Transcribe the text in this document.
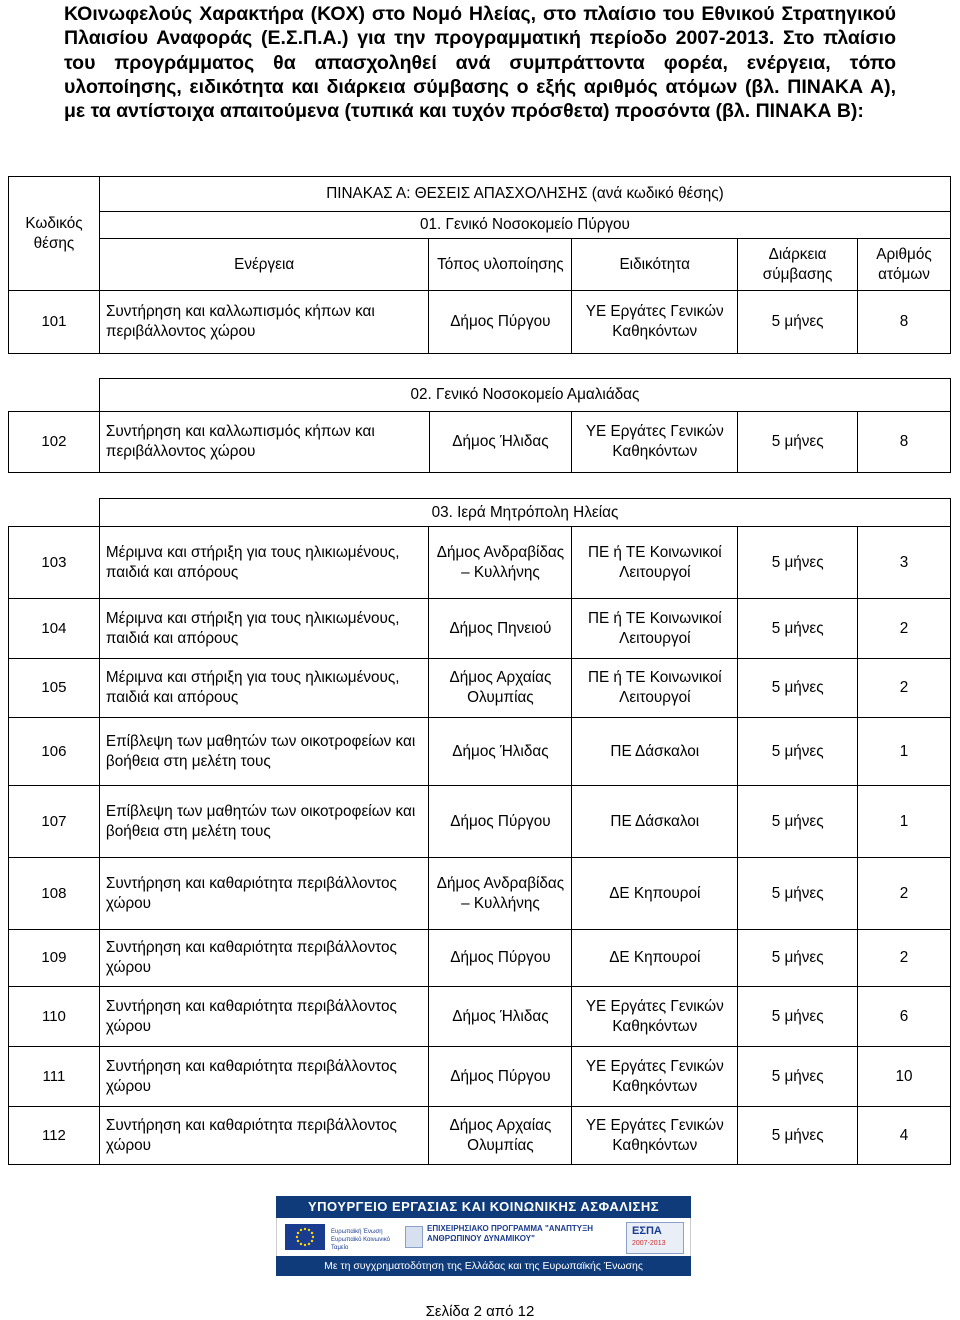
ΚΟινωφελούς Χαρακτήρα (ΚΟΧ) στο Νομό Ηλείας, στο πλαίσιο του Εθνικού Στρατηγικού Πλαισίου Αναφοράς (Ε.Σ.Π.Α.) για την προγραμματική περίοδο 2007-2013. Στο πλαίσιο του προγράμματος θα απασχοληθεί ανά συμπράττοντα φορέα, ενέργεια, τόπο υλοποίησης, ειδικότητα και διάρκεια σύμβασης ο εξής αριθμός ατόμων (βλ. ΠΙΝΑΚΑ Α), με τα αντίστοιχα απαιτούμενα (τυπικά και τυχόν πρόσθετα) προσόντα (βλ. ΠΙΝΑΚΑ Β):

Κωδικός θέσης	ΠΙΝΑΚΑΣ Α: ΘΕΣΕΙΣ ΑΠΑΣΧΟΛΗΣΗΣ (ανά κωδικό θέσης)				
	01. Γενικό Νοσοκομείο Πύργου				
	Ενέργεια	Τόπος υλοποίησης	Ειδικότητα	Διάρκεια σύμβασης	Αριθμός ατόμων
101	Συντήρηση και καλλωπισμός κήπων και περιβάλλοντος χώρου	Δήμος Πύργου	ΥΕ Εργάτες Γενικών Καθηκόντων	5 μήνες	8
	02. Γενικό Νοσοκομείο Αμαλιάδας				
102	Συντήρηση και καλλωπισμός κήπων και περιβάλλοντος χώρου	Δήμος Ήλιδας	ΥΕ Εργάτες Γενικών Καθηκόντων	5 μήνες	8
	03. Ιερά Μητρόπολη Ηλείας				
103	Μέριμνα και στήριξη για τους ηλικιωμένους, παιδιά και απόρους	Δήμος Ανδραβίδας – Κυλλήνης	ΠΕ ή ΤΕ Κοινωνικοί Λειτουργοί	5 μήνες	3
104	Μέριμνα και στήριξη για τους ηλικιωμένους, παιδιά και απόρους	Δήμος Πηνειού	ΠΕ ή ΤΕ Κοινωνικοί Λειτουργοί	5 μήνες	2
105	Μέριμνα και στήριξη για τους ηλικιωμένους, παιδιά και απόρους	Δήμος Αρχαίας Ολυμπίας	ΠΕ ή ΤΕ Κοινωνικοί Λειτουργοί	5 μήνες	2
106	Επίβλεψη των μαθητών των οικοτροφείων και βοήθεια στη μελέτη τους	Δήμος Ήλιδας	ΠΕ Δάσκαλοι	5 μήνες	1
107	Επίβλεψη των μαθητών των οικοτροφείων και βοήθεια στη μελέτη τους	Δήμος Πύργου	ΠΕ Δάσκαλοι	5 μήνες	1
108	Συντήρηση και καθαριότητα περιβάλλοντος χώρου	Δήμος Ανδραβίδας – Κυλλήνης	ΔΕ Κηπουροί	5 μήνες	2
109	Συντήρηση και καθαριότητα περιβάλλοντος χώρου	Δήμος Πύργου	ΔΕ Κηπουροί	5 μήνες	2
110	Συντήρηση και καθαριότητα περιβάλλοντος χώρου	Δήμος Ήλιδας	ΥΕ Εργάτες Γενικών Καθηκόντων	5 μήνες	6
111	Συντήρηση και καθαριότητα περιβάλλοντος χώρου	Δήμος Πύργου	ΥΕ Εργάτες Γενικών Καθηκόντων	5 μήνες	10
112	Συντήρηση και καθαριότητα περιβάλλοντος χώρου	Δήμος Αρχαίας Ολυμπίας	ΥΕ Εργάτες Γενικών Καθηκόντων	5 μήνες	4
ΥΠΟΥΡΓΕΙΟ ΕΡΓΑΣΙΑΣ ΚΑΙ ΚΟΙΝΩΝΙΚΗΣ ΑΣΦΑΛΙΣΗΣ
Ευρωπαϊκή Ένωση Ευρωπαϊκό Κοινωνικό Ταμείο
ΕΠΙΧΕΙΡΗΣΙΑΚΟ ΠΡΟΓΡΑΜΜΑ "ΑΝΑΠΤΥΞΗ ΑΝΘΡΩΠΙΝΟΥ ΔΥΝΑΜΙΚΟΥ"
ΕΣΠΑ
2007-2013
Με τη συγχρηματοδότηση της Ελλάδας και της Ευρωπαϊκής Ένωσης
Σελίδα 2 από 12
